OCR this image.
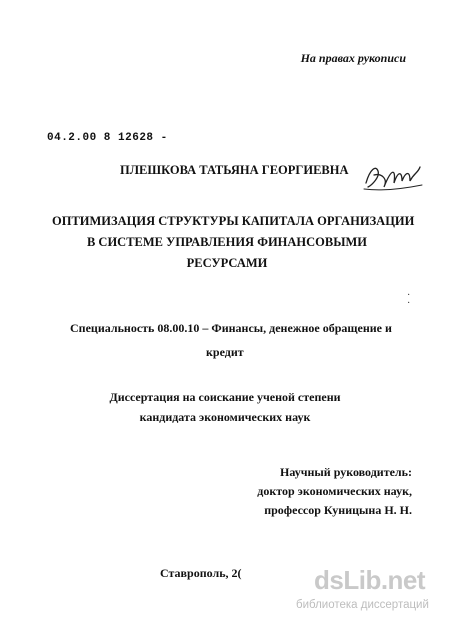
На правах рукописи
04.2.00 8 12628 -
ПЛЕШКОВА ТАТЬЯНА ГЕОРГИЕВНА
ОПТИМИЗАЦИЯ СТРУКТУРЫ КАПИТАЛА ОРГАНИЗАЦИИ
В СИСТЕМЕ УПРАВЛЕНИЯ ФИНАНСОВЫМИ
РЕСУРСАМИ
·
·
Специальность 08.00.10 – Финансы, денежное обращение и
кредит
Диссертация на соискание ученой степени
кандидата экономических наук
Научный руководитель:
доктор экономических наук,
профессор Куницына Н. Н.
Ставрополь, 2(	dsLib.net
библиотека диссертаций
